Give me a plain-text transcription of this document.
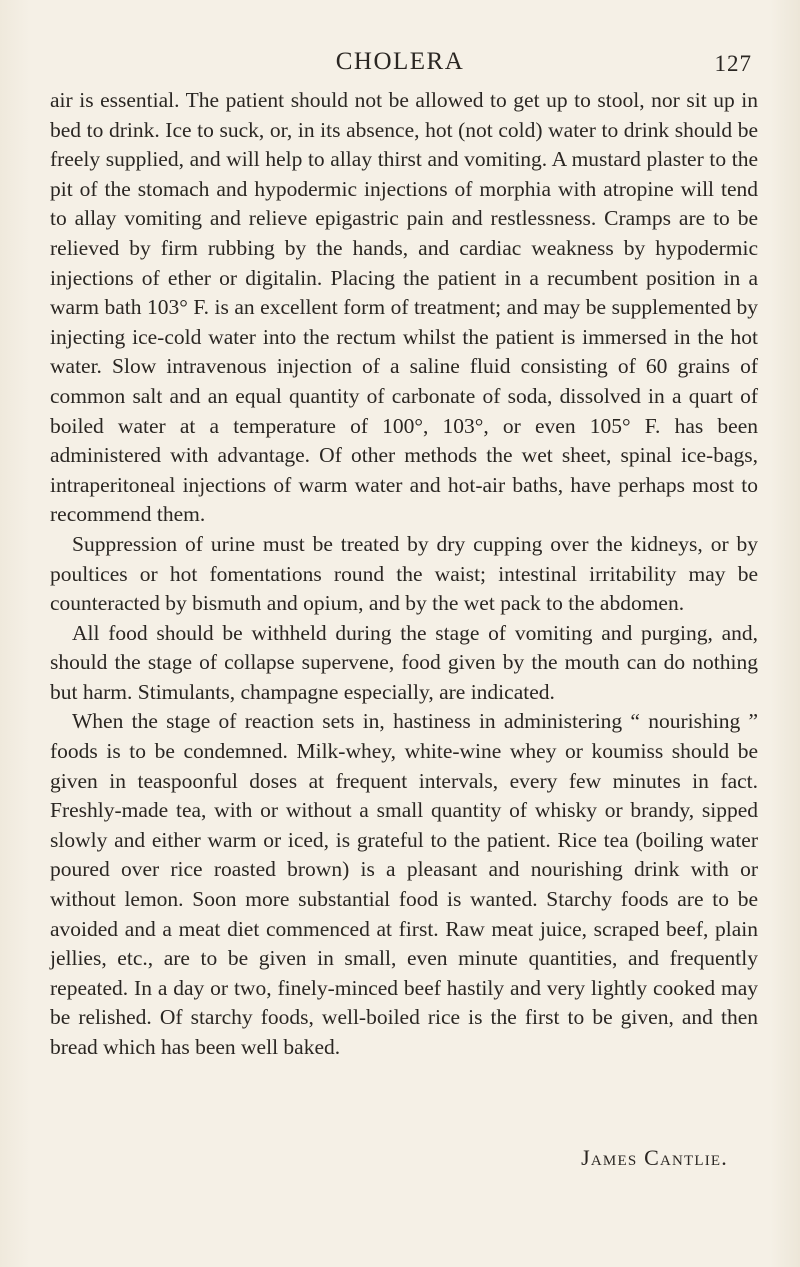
CHOLERA	127

air is essential. The patient should not be allowed to get up to stool, nor sit up in bed to drink. Ice to suck, or, in its absence, hot (not cold) water to drink should be freely supplied, and will help to allay thirst and vomiting. A mustard plaster to the pit of the stomach and hypodermic injections of morphia with atropine will tend to allay vomiting and relieve epigastric pain and restlessness. Cramps are to be relieved by firm rubbing by the hands, and cardiac weakness by hypodermic injections of ether or digitalin. Placing the patient in a recumbent position in a warm bath 103° F. is an excellent form of treatment; and may be supplemented by injecting ice-cold water into the rectum whilst the patient is immersed in the hot water. Slow intravenous injection of a saline fluid consisting of 60 grains of common salt and an equal quantity of carbonate of soda, dissolved in a quart of boiled water at a temperature of 100°, 103°, or even 105° F. has been administered with advantage. Of other methods the wet sheet, spinal ice-bags, intraperitoneal injections of warm water and hot-air baths, have perhaps most to recommend them.

Suppression of urine must be treated by dry cupping over the kidneys, or by poultices or hot fomentations round the waist; intestinal irritability may be counteracted by bismuth and opium, and by the wet pack to the abdomen.

All food should be withheld during the stage of vomiting and purging, and, should the stage of collapse supervene, food given by the mouth can do nothing but harm. Stimulants, champagne especially, are indicated.

When the stage of reaction sets in, hastiness in administering “ nourishing ” foods is to be condemned. Milk-whey, white-wine whey or koumiss should be given in teaspoonful doses at frequent intervals, every few minutes in fact. Freshly-made tea, with or without a small quantity of whisky or brandy, sipped slowly and either warm or iced, is grateful to the patient. Rice tea (boiling water poured over rice roasted brown) is a pleasant and nourishing drink with or without lemon. Soon more substantial food is wanted. Starchy foods are to be avoided and a meat diet commenced at first. Raw meat juice, scraped beef, plain jellies, etc., are to be given in small, even minute quantities, and frequently repeated. In a day or two, finely-minced beef hastily and very lightly cooked may be relished. Of starchy foods, well-boiled rice is the first to be given, and then bread which has been well baked.

James Cantlie.
